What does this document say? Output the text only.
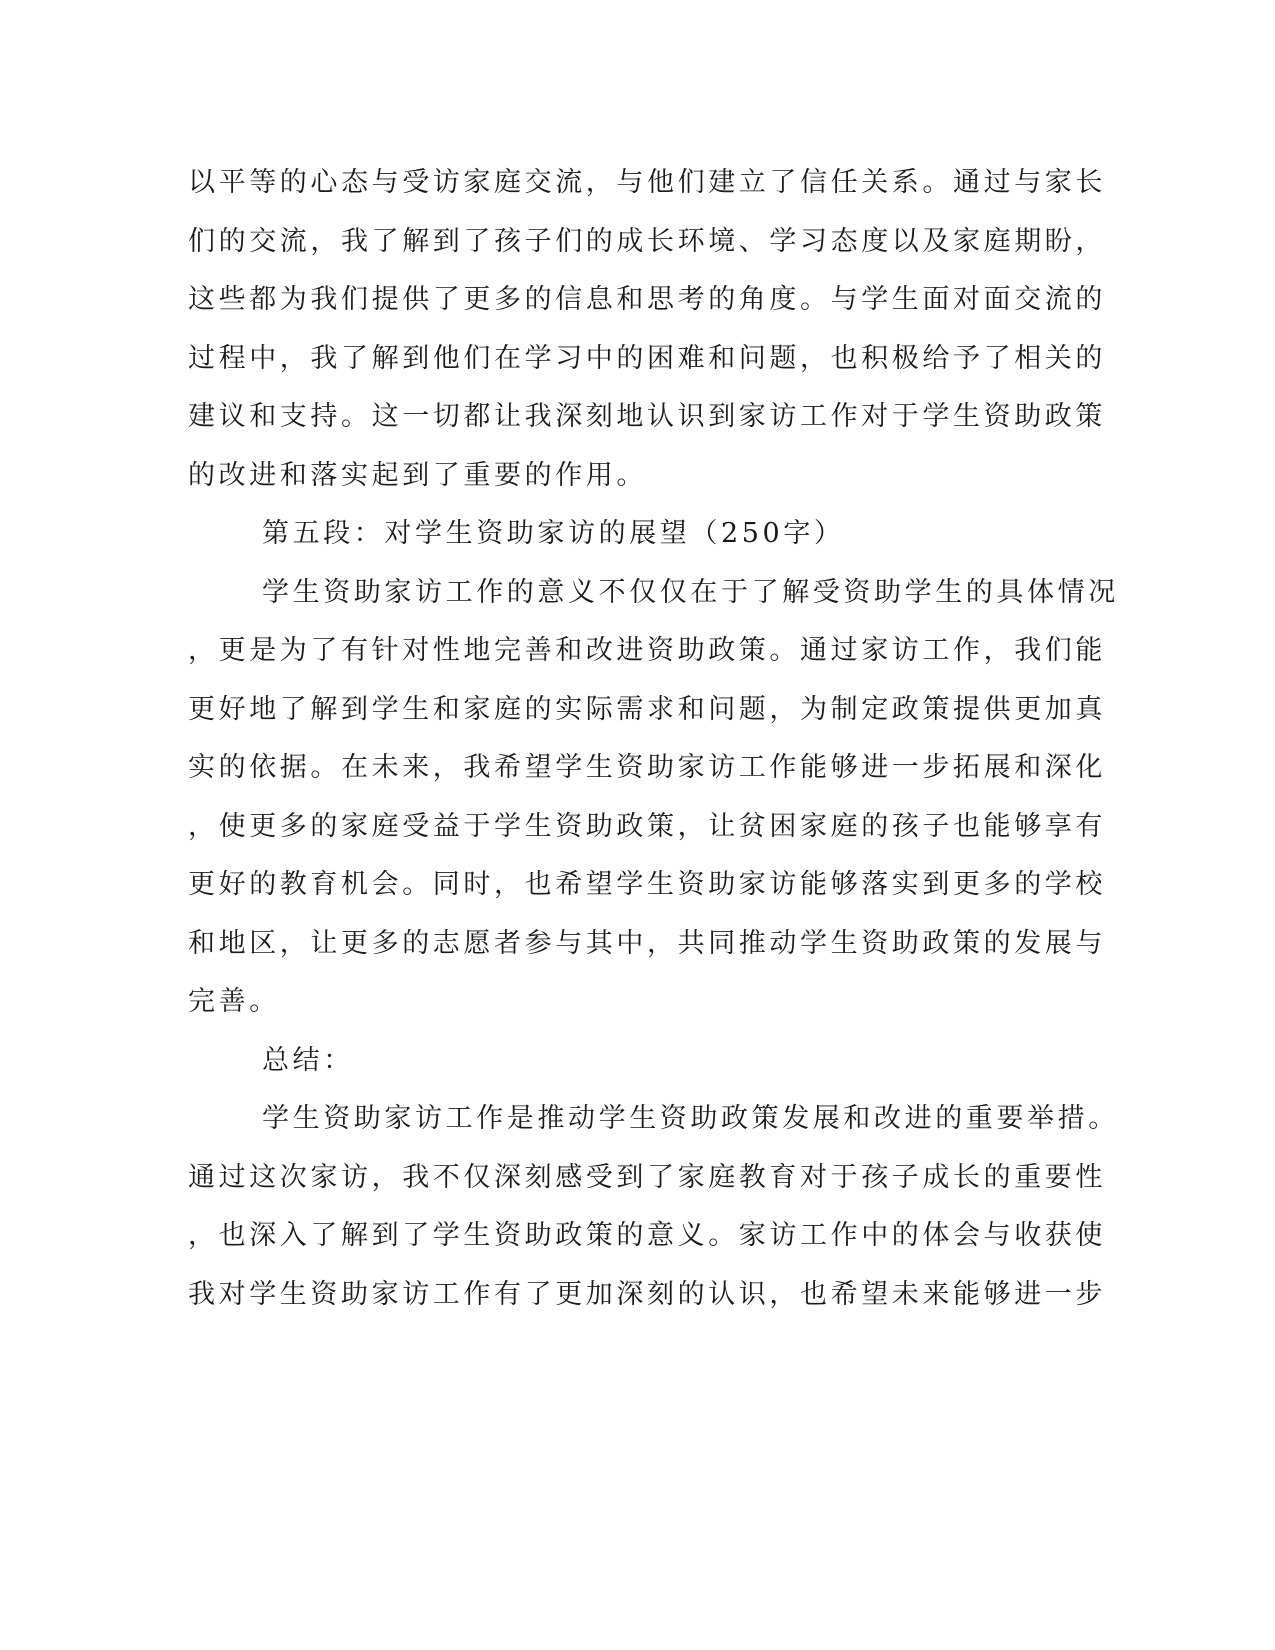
以平等的心态与受访家庭交流，与他们建立了信任关系。通过与家长

们的交流，我了解到了孩子们的成长环境、学习态度以及家庭期盼，

这些都为我们提供了更多的信息和思考的角度。与学生面对面交流的

过程中，我了解到他们在学习中的困难和问题，也积极给予了相关的

建议和支持。这一切都让我深刻地认识到家访工作对于学生资助政策

的改进和落实起到了重要的作用。

第五段：对学生资助家访的展望（250字）

学生资助家访工作的意义不仅仅在于了解受资助学生的具体情况

，更是为了有针对性地完善和改进资助政策。通过家访工作，我们能

更好地了解到学生和家庭的实际需求和问题，为制定政策提供更加真

实的依据。在未来，我希望学生资助家访工作能够进一步拓展和深化

，使更多的家庭受益于学生资助政策，让贫困家庭的孩子也能够享有

更好的教育机会。同时，也希望学生资助家访能够落实到更多的学校

和地区，让更多的志愿者参与其中，共同推动学生资助政策的发展与

完善。

总结：

学生资助家访工作是推动学生资助政策发展和改进的重要举措。

通过这次家访，我不仅深刻感受到了家庭教育对于孩子成长的重要性

，也深入了解到了学生资助政策的意义。家访工作中的体会与收获使

我对学生资助家访工作有了更加深刻的认识，也希望未来能够进一步
